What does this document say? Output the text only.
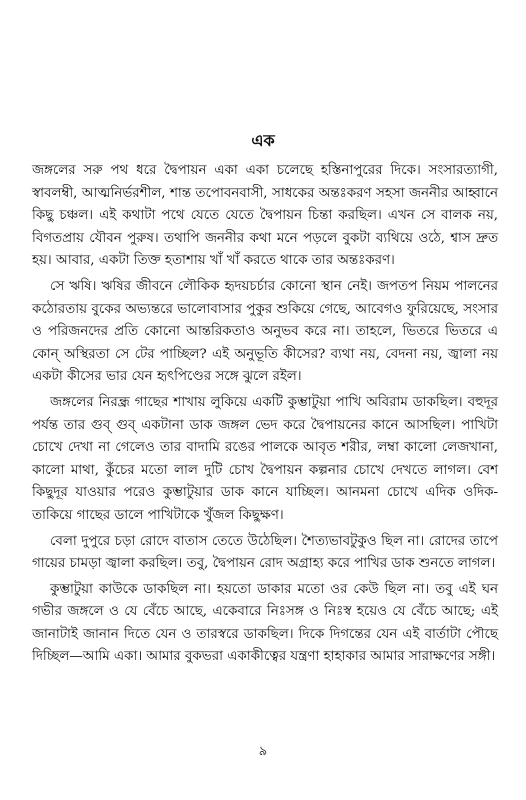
এক

জঙ্গলের সরু পথ ধরে দ্বৈপায়ন একা একা চলেছে হস্তিনাপুরের দিকে। সংসারত্যাগী, স্বাবলম্বী, আত্মনির্ভরশীল, শান্ত তপোবনবাসী, সাধকের অন্তঃকরণ সহসা জননীর আহ্বানে কিছু চঞ্চল। এই কথাটা পথে যেতে যেতে দ্বৈপায়ন চিন্তা করছিল। এখন সে বালক নয়, বিগতপ্রায় যৌবন পুরুষ। তথাপি জননীর কথা মনে পড়লে বুকটা ব্যথিয়ে ওঠে, শ্বাস দ্রুত হয়। আবার, একটা তিক্ত হতাশায় খাঁ খাঁ করতে থাকে তার অন্তঃকরণ।

সে ঋষি। ঋষির জীবনে লৌকিক হৃদয়চর্চার কোনো স্থান নেই। জপতপ নিয়ম পালনের কঠোরতায় বুকের অভ্যন্তরে ভালোবাসার পুকুর শুকিয়ে গেছে, আবেগও ফুরিয়েছে, সংসার ও পরিজনদের প্রতি কোনো আন্তরিকতাও অনুভব করে না। তাহলে, ভিতরে ভিতরে এ কোন্ অস্থিরতা সে টের পাচ্ছিল? এই অনুভূতি কীসের? ব্যথা নয়, বেদনা নয়, জ্বালা নয় একটা কীসের ভার যেন হৃৎপিণ্ডের সঙ্গে ঝুলে রইল।

জঙ্গলের নিরন্ধ্র গাছের শাখায় লুকিয়ে একটি কুম্ভাটুয়া পাখি অবিরাম ডাকছিল। বহুদূর পর্যন্ত তার গুব্ গুব্ একটানা ডাক জঙ্গল ভেদ করে দ্বৈপায়নের কানে আসছিল। পাখিটা চোখে দেখা না গেলেও তার বাদামি রঙের পালকে আবৃত শরীর, লম্বা কালো লেজখানা, কালো মাথা, কুঁচের মতো লাল দুটি চোখ দ্বৈপায়ন কল্পনার চোখে দেখতে লাগল। বেশ কিছুদূর যাওয়ার পরেও কুম্ভাটুয়ার ডাক কানে যাচ্ছিল। আনমনা চোখে এদিক ওদিক-তাকিয়ে গাছের ডালে পাখিটাকে খুঁজল কিছুক্ষণ।

বেলা দুপুরে চড়া রোদে বাতাস তেতে উঠেছিল। শৈত্যভাবটুকুও ছিল না। রোদের তাপে গায়ের চামড়া জ্বালা করছিল। তবু, দ্বৈপায়ন রোদ অগ্রাহ্য করে পাখির ডাক শুনতে লাগল।

কুম্ভাটুয়া কাউকে ডাকছিল না। হয়তো ডাকার মতো ওর কেউ ছিল না। তবু এই ঘন গভীর জঙ্গলে ও যে বেঁচে আছে, একেবারে নিঃসঙ্গ ও নিঃস্ব হয়েও যে বেঁচে আছে; এই জানাটাই জানান দিতে যেন ও তারস্বরে ডাকছিল। দিকে দিগন্তের যেন এই বার্তাটা পৌছে দিচ্ছিল—আমি একা। আমার বুকভরা একাকীত্বের যন্ত্রণা হাহাকার আমার সারাক্ষণের সঙ্গী।

৯
